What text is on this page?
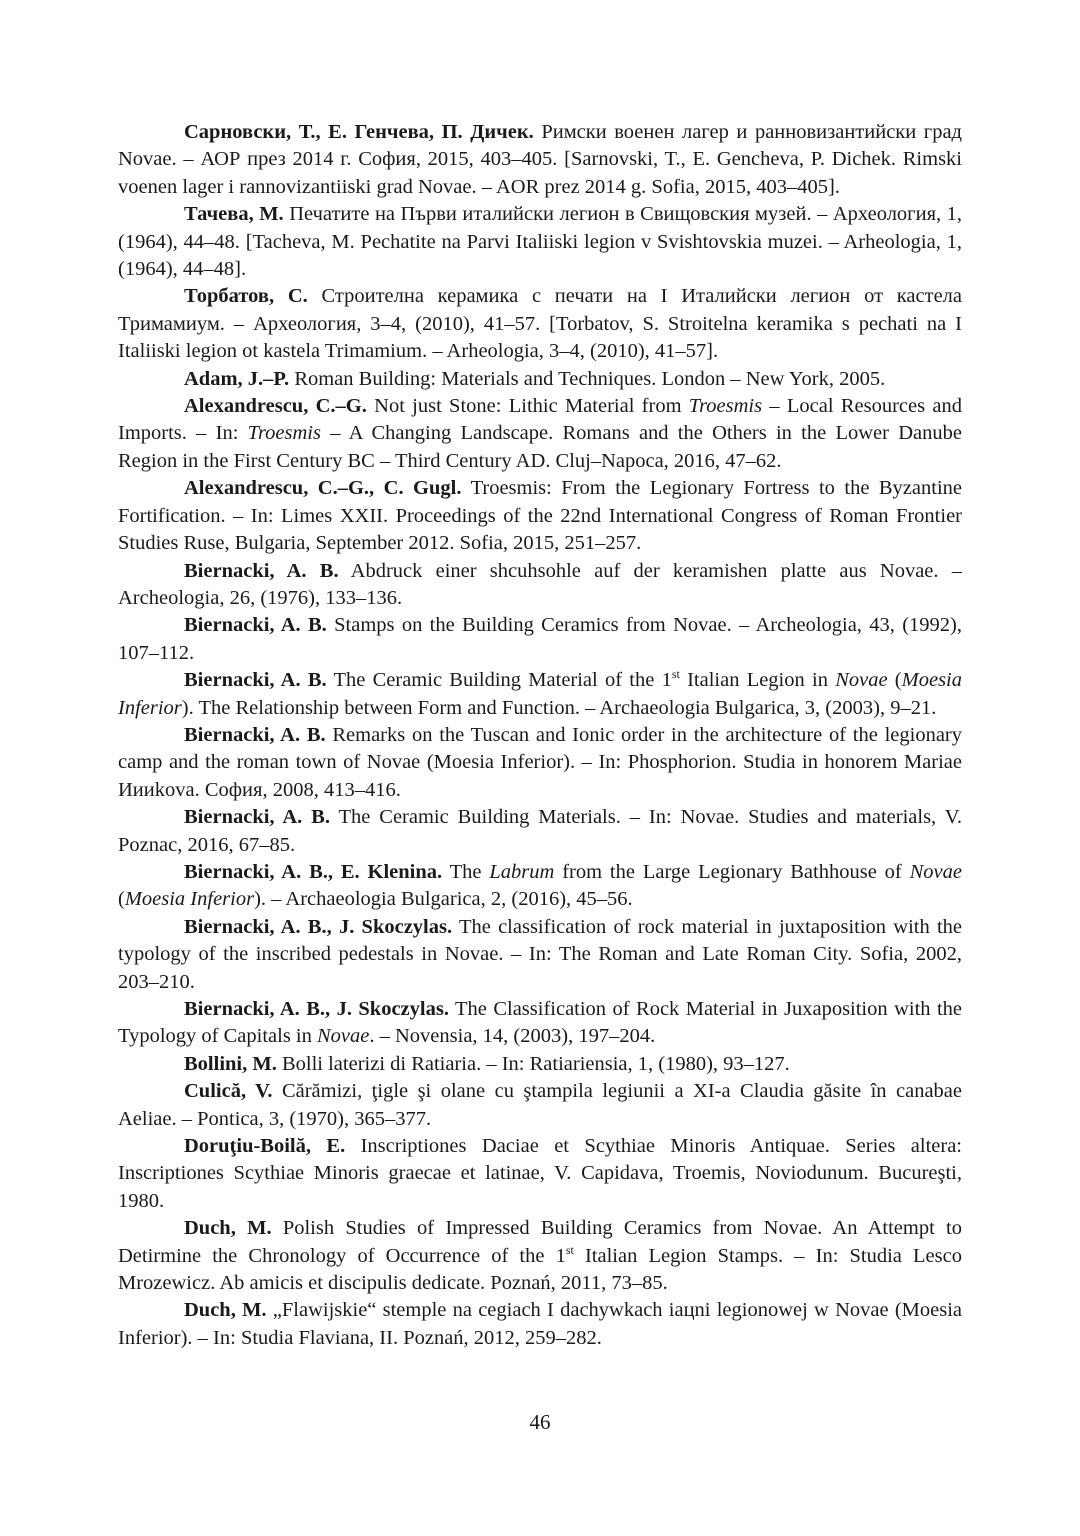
Сарновски, Т., Е. Генчева, П. Дичек. Римски военен лагер и ранновизантийски град Novae. – АОР през 2014 г. София, 2015, 403–405. [Sarnovski, T., E. Gencheva, P. Dichek. Rimski voenen lager i rannovizantiiski grad Novae. – AOR prez 2014 g. Sofia, 2015, 403–405].

Тачева, М. Печатите на Първи италийски легион в Свищовския музей. – Археология, 1, (1964), 44–48. [Tacheva, M. Pechatite na Parvi Italiiski legion v Svishtovskia muzei. – Arheologia, 1, (1964), 44–48].

Торбатов, С. Строителна керамика с печати на I Италийски легион от кастела Тримамиум. – Археология, 3–4, (2010), 41–57. [Torbatov, S. Stroitelna keramika s pechati na I Italiiski legion ot kastela Trimamium. – Arheologia, 3–4, (2010), 41–57].

Adam, J.–P. Roman Building: Materials and Techniques. London – New York, 2005.

Alexandrescu, C.–G. Not just Stone: Lithic Material from Troesmis – Local Resources and Imports. – In: Troesmis – A Changing Landscape. Romans and the Others in the Lower Danube Region in the First Century BC – Third Century AD. Cluj–Napoca, 2016, 47–62.

Alexandrescu, C.–G., C. Gugl. Troesmis: From the Legionary Fortress to the Byzantine Fortification. – In: Limes XXII. Proceedings of the 22nd International Congress of Roman Frontier Studies Ruse, Bulgaria, September 2012. Sofia, 2015, 251–257.

Biernacki, A. B. Abdruck einer shcuhsohle auf der keramishen platte aus Novae. – Archeologia, 26, (1976), 133–136.

Biernacki, A. B. Stamps on the Building Ceramics from Novae. – Archeologia, 43, (1992), 107–112.

Biernacki, A. B. The Ceramic Building Material of the 1st Italian Legion in Novae (Moesia Inferior). The Relationship between Form and Function. – Archaeologia Bulgarica, 3, (2003), 9–21.

Biernacki, A. B. Remarks on the Tuscan and Ionic order in the architecture of the legionary camp and the roman town of Novae (Moesia Inferior). – In: Phosphorion. Studia in honorem Mariae Иииkova. София, 2008, 413–416.

Biernacki, A. B. The Ceramic Building Materials. – In: Novae. Studies and materials, V. Poznac, 2016, 67–85.

Biernacki, A. B., E. Klenina. The Labrum from the Large Legionary Bathhouse of Novae (Moesia Inferior). – Archaeologia Bulgarica, 2, (2016), 45–56.

Biernacki, A. B., J. Skoczylas. The classification of rock material in juxtaposition with the typology of the inscribed pedestals in Novae. – In: The Roman and Late Roman City. Sofia, 2002, 203–210.

Biernacki, A. B., J. Skoczylas. The Classification of Rock Material in Juxaposition with the Typology of Capitals in Novae. – Novensia, 14, (2003), 197–204.

Bollini, M. Bolli laterizi di Ratiaria. – In: Ratiariensia, 1, (1980), 93–127.

Culică, V. Cărămizi, ţigle şi olane cu ştampila legiunii a XI-a Claudia găsite în canabae Aeliae. – Pontica, 3, (1970), 365–377.

Doruţiu-Boilă, E. Inscriptiones Daciae et Scythiae Minoris Antiquae. Series altera: Inscriptiones Scythiae Minoris graecae et latinae, V. Capidava, Troemis, Noviodunum. Bucureşti, 1980.

Duch, M. Polish Studies of Impressed Building Ceramics from Novae. An Attempt to Detirmine the Chronology of Occurrence of the 1st Italian Legion Stamps. – In: Studia Lesco Mrozewicz. Ab amicis et discipulis dedicate. Poznań, 2011, 73–85.

Duch, M. „Flawijskie“ stemple na cegiach I dachywkach iaцni legionowej w Novae (Moesia Inferior). – In: Studia Flaviana, II. Poznań, 2012, 259–282.

46
